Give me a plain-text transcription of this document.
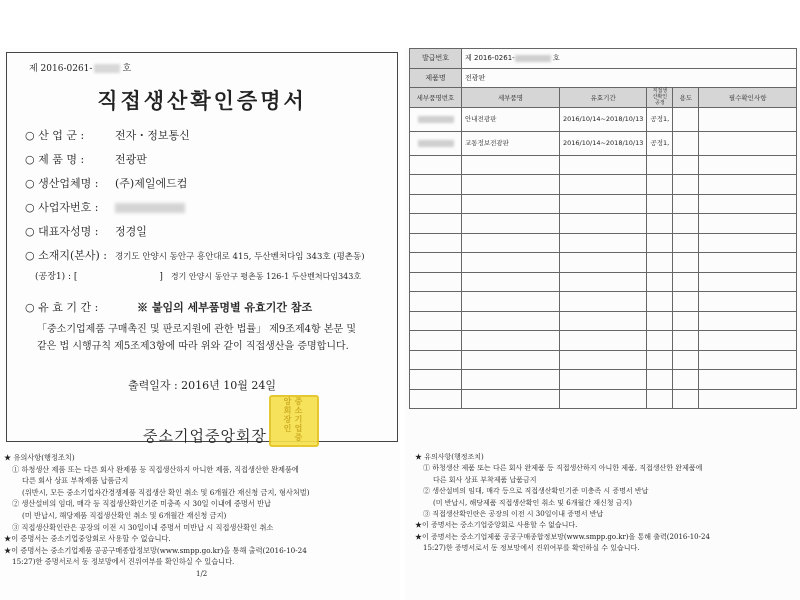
제 2016-0261-	호
직접생산확인증명서
○ 산 업 군 :	전자・정보통신
○ 제 품 명 :	전광판
○ 생산업체명 : (주)제일에드컴
○ 사업자번호 :
○ 대표자성명 : 정경일
○ 소재지(본사) : 경기도 안양시 동안구 흥안대로 415, 두산벤처다임 343호 (평촌동)
(공장1) : [	] 경기 안양시 동안구 평촌동 126-1 두산벤처다임343호
○ 유 효 기 간 :	※ 붙임의 세부품명별 유효기간 참조
「중소기업제품 구매촉진 및 판로지원에 관한 법률」 제9조제4항 본문 및
같은 법 시행규칙 제5조제3항에 따라 위와 같이 직접생산을 증명합니다.
출력일자 : 2016년 10월 24일
중소기업중앙회장	중소기업중앙회장인
★ 유의사항(행정조치)
① 하청생산 제품 또는 다른 회사 완제품 등 직접생산하지 아니한 제품, 직접생산한 완제품에
다른 회사 상표 부착제품 납품금지
(위반시, 모든 중소기업자간경쟁제품 직접생산 확인 취소 및 6개월간 재신청 금지, 형사처벌)
② 생산설비의 임대, 매각 등 직접생산확인기준 미충족 시 30일 이내에 증명서 반납
(미 반납시, 해당제품 직접생산확인 취소 및 6개월간 재신청 금지)
③ 직접생산확인란은 공장의 이전 시 30일이내 증명서 미반납 시 직접생산확인 취소
★이 증명서는 중소기업중앙회로 사용할 수 없습니다.
★이 증명서는 중소기업제품 공공구매종합정보망(www.smpp.go.kr)을 통해 출력(2016-10-24
15:27)한 증명서로서 동 정보망에서 진위여부를 확인하실 수 있습니다.
1/2
발급번호	제 2016-0261- 호				
제품명	전광판				
세부품명번호	세부품명	유효기간	직접생산확인공정	용도	필수확인사항
	안내전광판	2016/10/14~2018/10/13	공정1,		
	교통정보전광판	2016/10/14~2018/10/13	공정1,		

★ 유의사항(행정조치)
① 하청생산 제품 또는 다른 회사 완제품 등 직접생산하지 아니한 제품, 직접생산한 완제품에
다른 회사 상표 부착제품 납품금지
② 생산설비의 임대, 매각 등으로 직접생산확인기준 미충족 시 증명서 반납
(미 반납시, 해당제품 직접생산확인 취소 및 6개월간 재신청 금지)
③ 직접생산확인란은 공장의 이전 시 30일이내 증명서 반납
★이 증명서는 중소기업중앙회로 사용할 수 없습니다.
★이 증명서는 중소기업제품 공공구매종합정보망(www.smpp.go.kr)을 통해 출력(2016-10-24
15:27)한 증명서로서 동 정보망에서 진위여부를 확인하실 수 있습니다.
